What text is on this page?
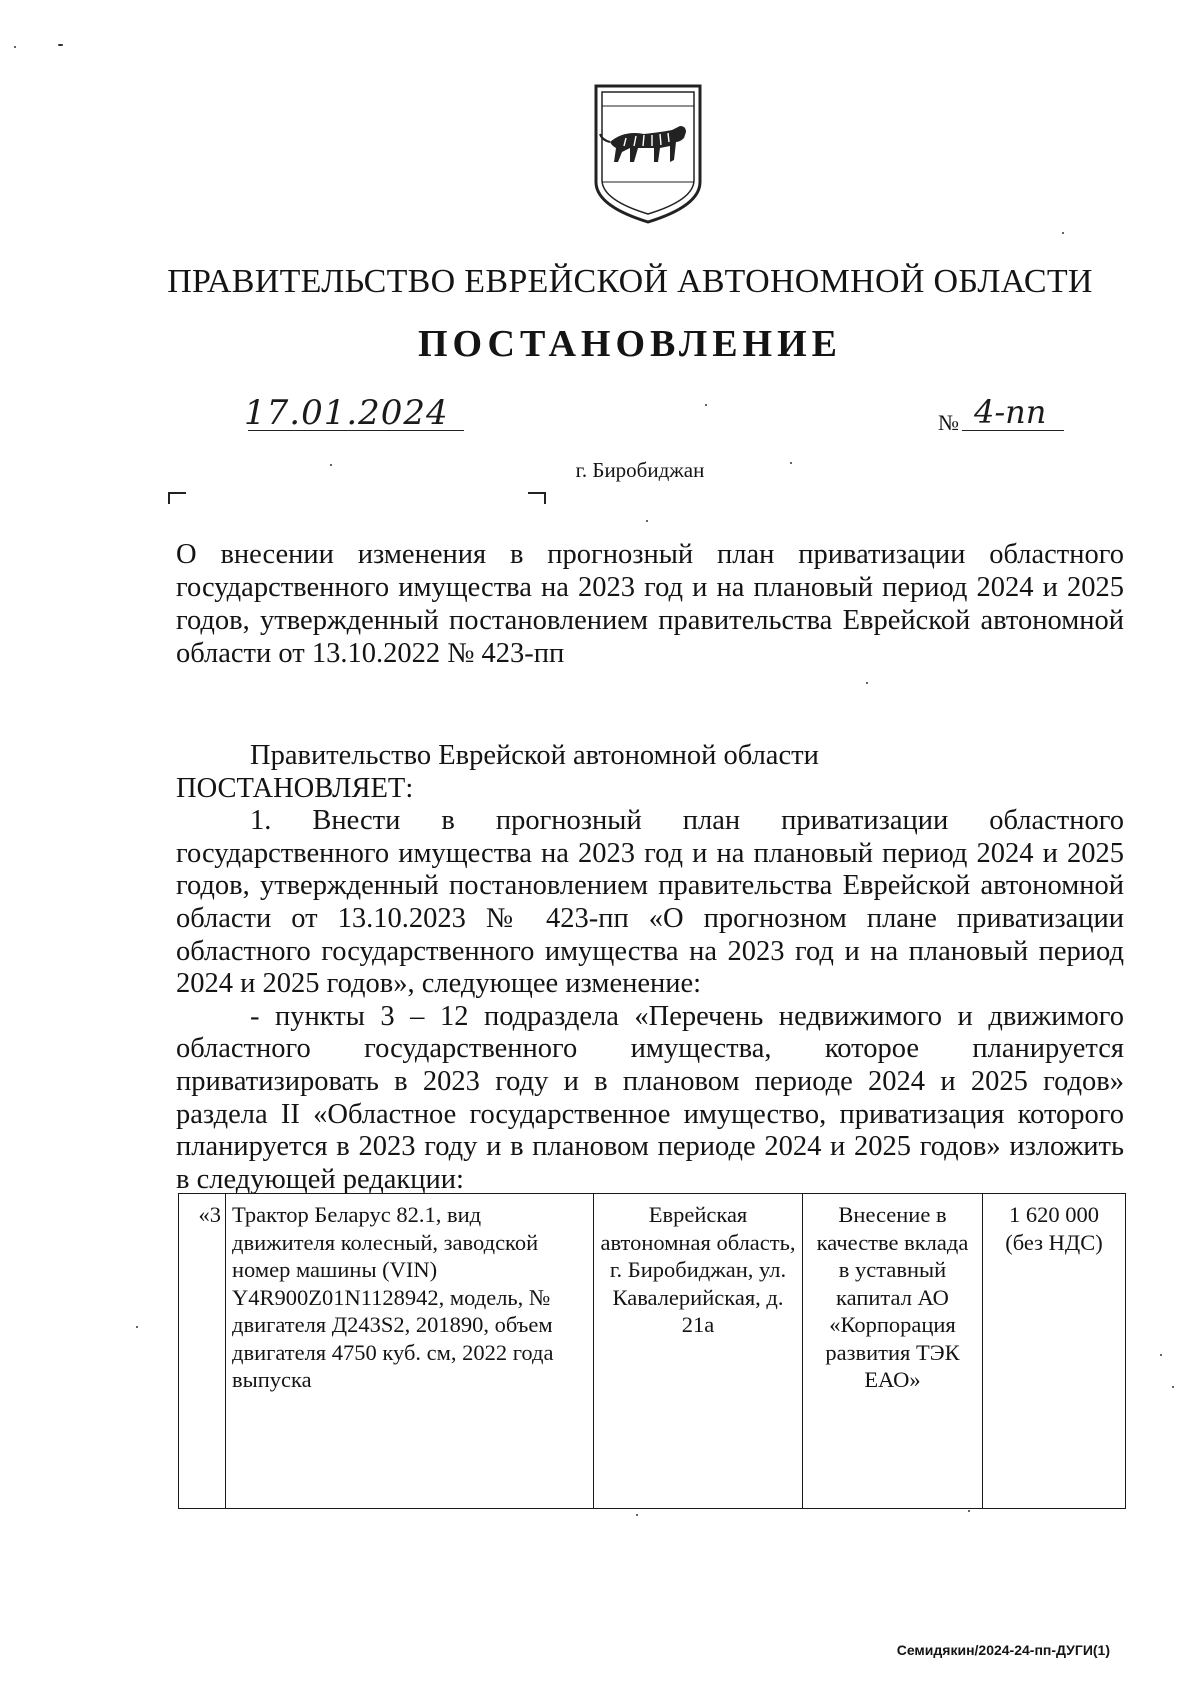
ПРАВИТЕЛЬСТВО ЕВРЕЙСКОЙ АВТОНОМНОЙ ОБЛАСТИ
ПОСТАНОВЛЕНИЕ
17.01.2024	№ 4-пп
г. Биробиджан
О внесении изменения в прогнозный план приватизации областного государственного имущества на 2023 год и на плановый период 2024 и 2025 годов, утвержденный постановлением правительства Еврейской автономной области от 13.10.2022 № 423-пп

Правительство Еврейской автономной области

ПОСТАНОВЛЯЕТ:

1. Внести в прогнозный план приватизации областного государственного имущества на 2023 год и на плановый период 2024 и 2025 годов, утвержденный постановлением правительства Еврейской автономной области от 13.10.2023 № 423-пп «О прогнозном плане приватизации областного государственного имущества на 2023 год и на плановый период 2024 и 2025 годов», следующее изменение:

- пункты 3 – 12 подраздела «Перечень недвижимого и движимого областного государственного имущества, которое планируется приватизировать в 2023 году и в плановом периоде 2024 и 2025 годов» раздела II «Областное государственное имущество, приватизация которого планируется в 2023 году и в плановом периоде 2024 и 2025 годов» изложить в следующей редакции:

«3	Трактор Беларус 82.1, вид движителя колесный, заводской номер машины (VIN) Y4R900Z01N1128942, модель, № двигателя Д243S2, 201890, объем двигателя 4750 куб. см, 2022 года выпуска	Еврейская автономная область, г. Биробиджан, ул. Кавалерийская, д. 21а	Внесение в качестве вклада в уставный капитал АО «Корпорация развития ТЭК ЕАО»	1 620 000 (без НДС)
Семидякин/2024-24-пп-ДУГИ(1)
